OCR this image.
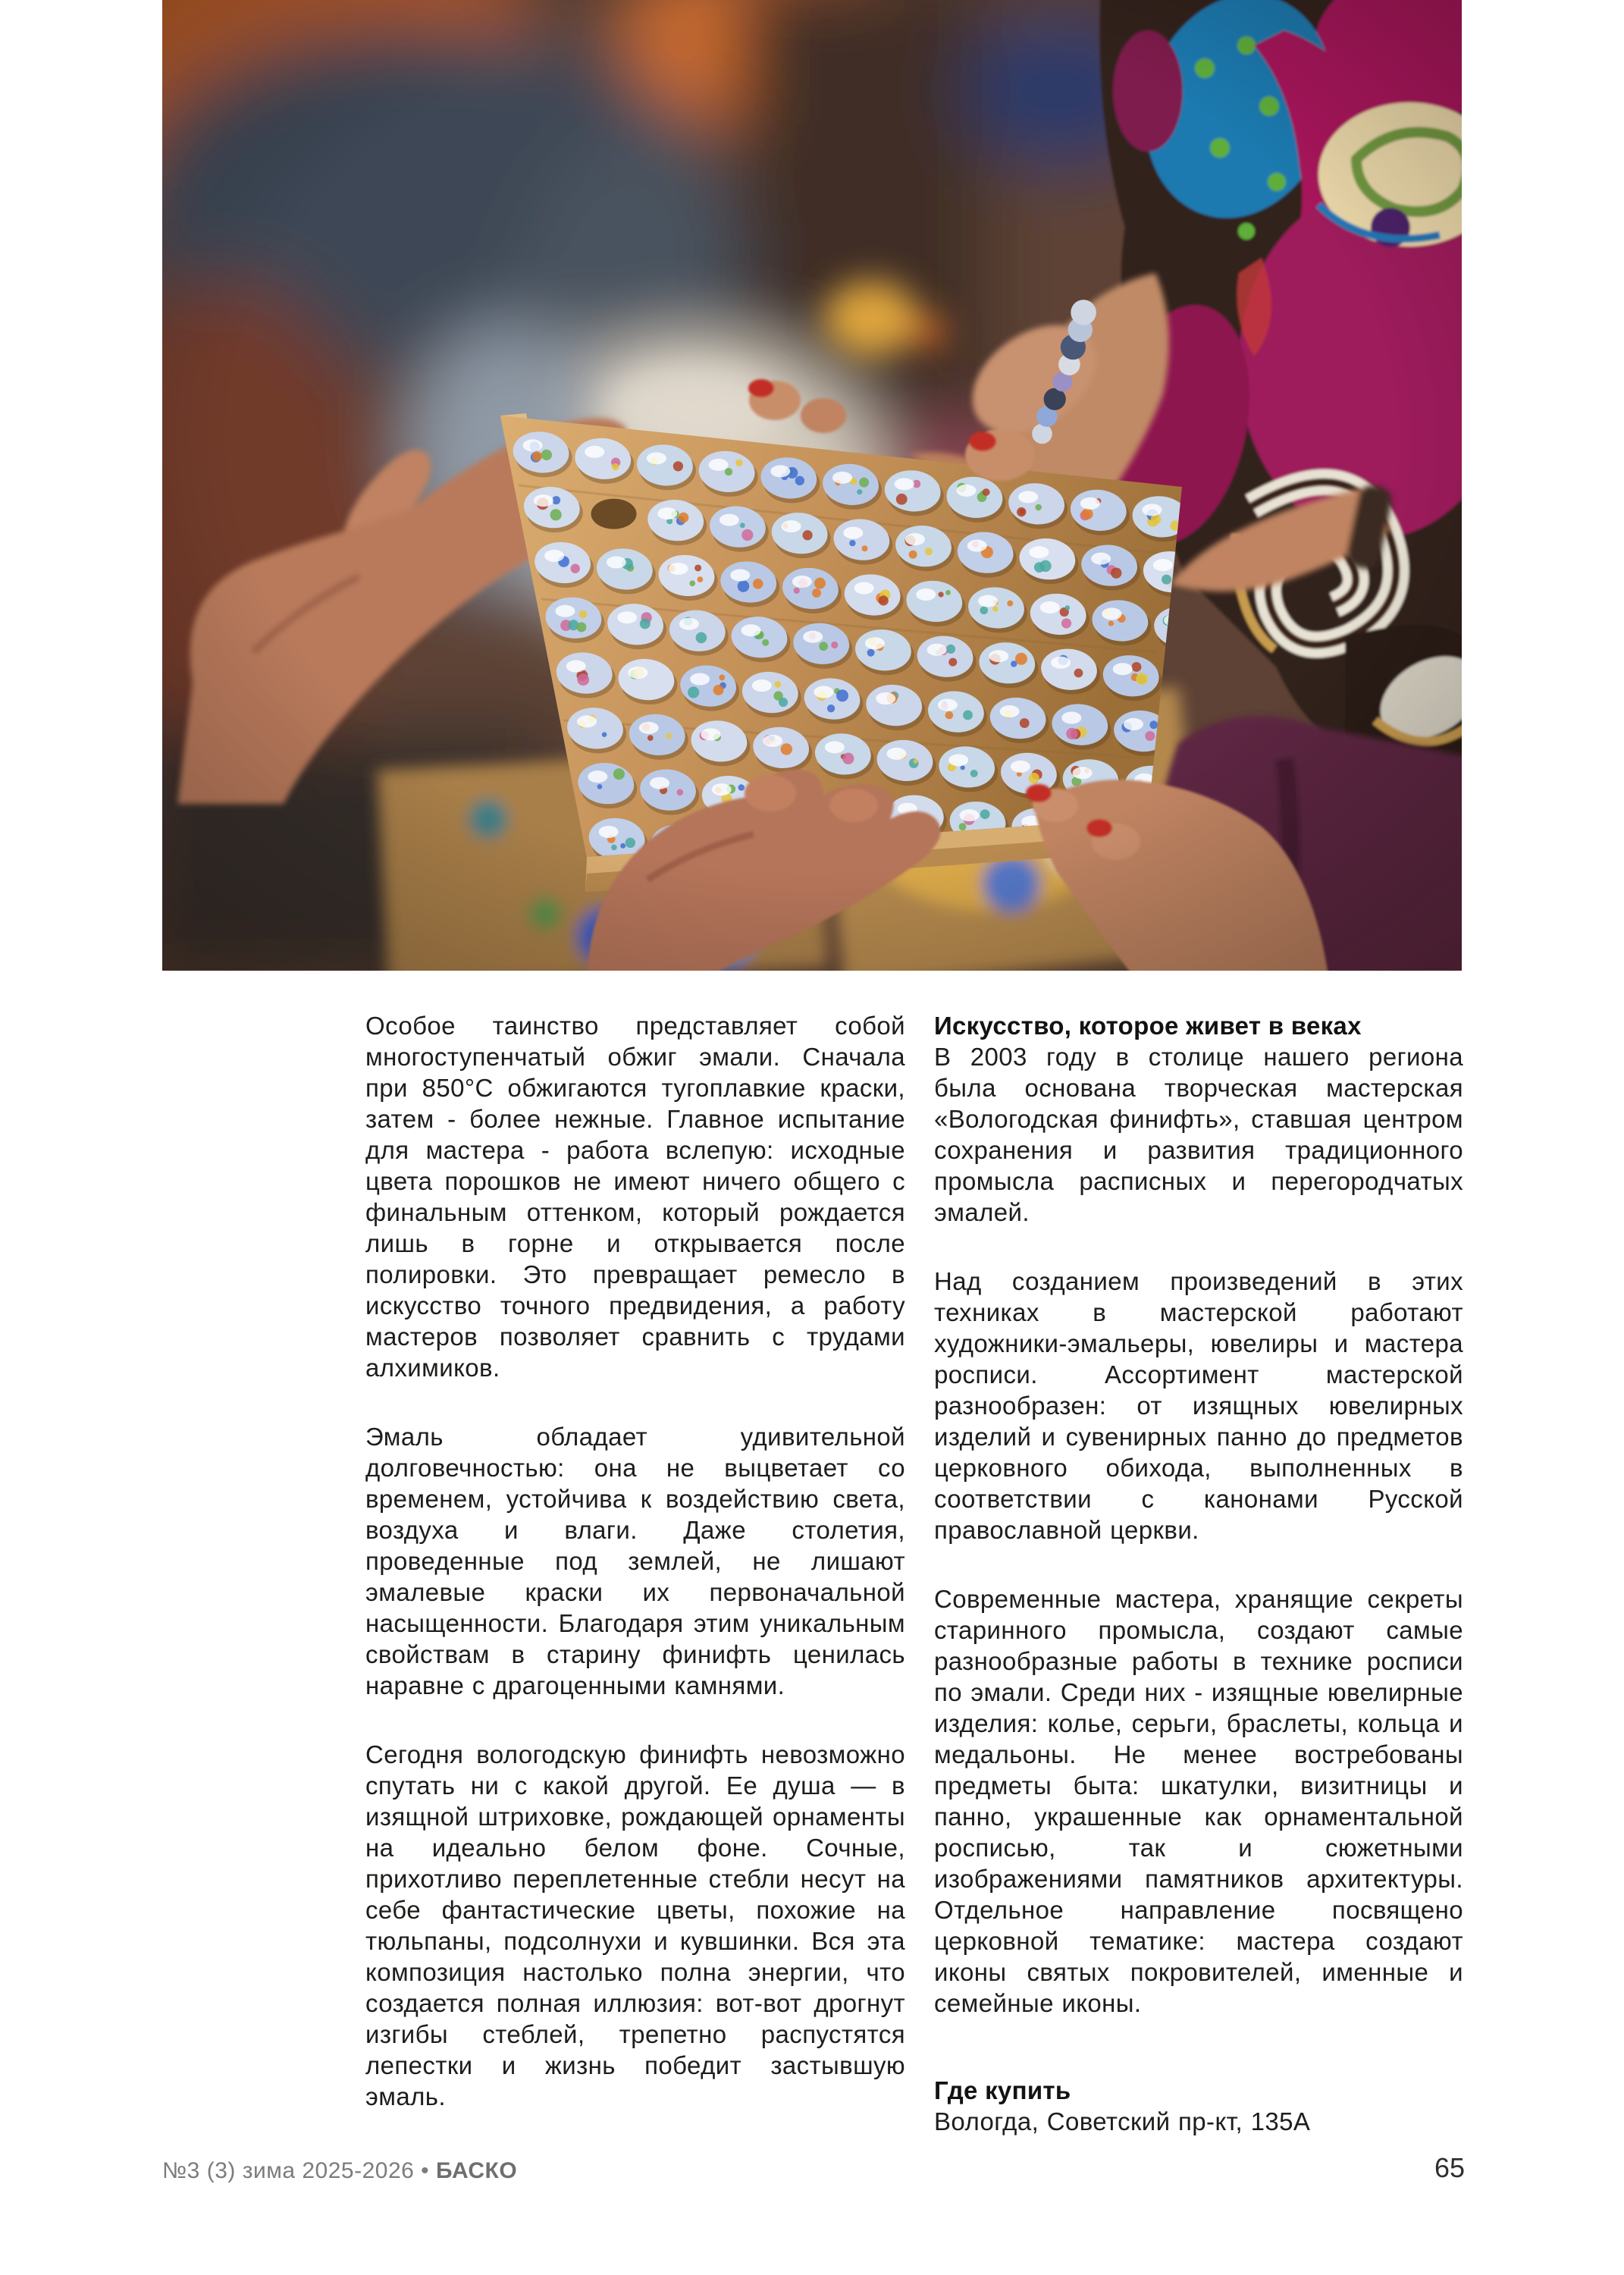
Особое таинство представляет собой многоступенчатый обжиг эмали. Сначала при 850°С обжигаются тугоплавкие краски, затем - более нежные. Главное испытание для мастера - работа вслепую: исходные цвета порошков не имеют ничего общего с финальным оттенком, который рождается лишь в горне и открывается после полировки. Это превращает ремесло в искусство точного предвидения, а работу мастеров позволяет сравнить с трудами алхимиков.

Эмаль обладает удивительной долговечностью: она не выцветает со временем, устойчива к воздействию света, воздуха и влаги. Даже столетия, проведенные под землей, не лишают эмалевые краски их первоначальной насыщенности. Благодаря этим уникальным свойствам в старину финифть ценилась наравне с драгоценными камнями.

Сегодня вологодскую финифть невозможно спутать ни с какой другой. Ее душа — в изящной штриховке, рождающей орнаменты на идеально белом фоне. Сочные, прихотливо переплетенные стебли несут на себе фантастические цветы, похожие на тюльпаны, подсолнухи и кувшинки. Вся эта композиция настолько полна энергии, что создается полная иллюзия: вот-вот дрогнут изгибы стеблей, трепетно распустятся лепестки и жизнь победит застывшую эмаль.

Искусство, которое живет в веках

В 2003 году в столице нашего региона была основана творческая мастерская «Вологодская финифть», ставшая центром сохранения и развития традиционного промысла расписных и перегородчатых эмалей.

Над созданием произведений в этих техниках в мастерской работают художники-эмальеры, ювелиры и мастера росписи. Ассортимент мастерской разнообразен: от изящных ювелирных изделий и сувенирных панно до предметов церковного обихода, выполненных в соответствии с канонами Русской православной церкви.

Современные мастера, хранящие секреты старинного промысла, создают самые разнообразные работы в технике росписи по эмали. Среди них - изящные ювелирные изделия: колье, серьги, браслеты, кольца и медальоны. Не менее востребованы предметы быта: шкатулки, визитницы и панно, украшенные как орнаментальной росписью, так и сюжетными изображениями памятников архитектуры. Отдельное направление посвящено церковной тематике: мастера создают иконы святых покровителей, именные и семейные иконы.

Где купить

Вологда, Советский пр-кт, 135А

№3 (3) зима 2025-2026 • БАСКО	65
